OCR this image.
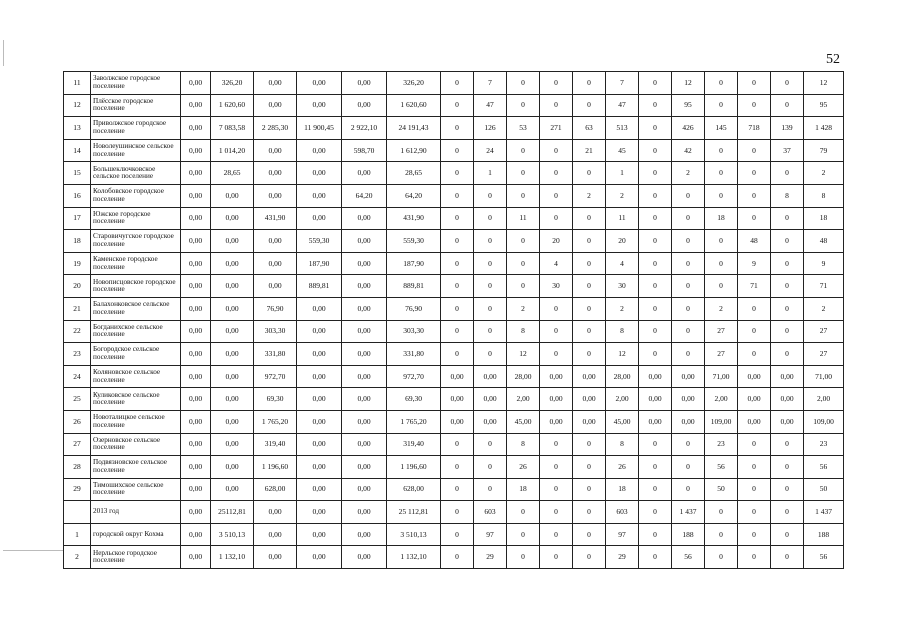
52
11	Заволжское городское поселение	0,00	326,20	0,00	0,00	0,00	326,20	0	7	0	0	0	7	0	12	0	0	0	12
12	Плёсское городское поселение	0,00	1 620,60	0,00	0,00	0,00	1 620,60	0	47	0	0	0	47	0	95	0	0	0	95
13	Приволжское городское поселение	0,00	7 083,58	2 285,30	11 900,45	2 922,10	24 191,43	0	126	53	271	63	513	0	426	145	718	139	1 428
14	Новолеушинское сельское поселение	0,00	1 014,20	0,00	0,00	598,70	1 612,90	0	24	0	0	21	45	0	42	0	0	37	79
15	Большеключковское сельское поселение	0,00	28,65	0,00	0,00	0,00	28,65	0	1	0	0	0	1	0	2	0	0	0	2
16	Колобовское городское поселение	0,00	0,00	0,00	0,00	64,20	64,20	0	0	0	0	2	2	0	0	0	0	8	8
17	Южское городское поселение	0,00	0,00	431,90	0,00	0,00	431,90	0	0	11	0	0	11	0	0	18	0	0	18
18	Старовичугское городское поселение	0,00	0,00	0,00	559,30	0,00	559,30	0	0	0	20	0	20	0	0	0	48	0	48
19	Каменское городское поселение	0,00	0,00	0,00	187,90	0,00	187,90	0	0	0	4	0	4	0	0	0	9	0	9
20	Новописцовское городское поселение	0,00	0,00	0,00	889,81	0,00	889,81	0	0	0	30	0	30	0	0	0	71	0	71
21	Балахонковское сельское поселение	0,00	0,00	76,90	0,00	0,00	76,90	0	0	2	0	0	2	0	0	2	0	0	2
22	Богданихское сельское поселение	0,00	0,00	303,30	0,00	0,00	303,30	0	0	8	0	0	8	0	0	27	0	0	27
23	Богородское сельское поселение	0,00	0,00	331,80	0,00	0,00	331,80	0	0	12	0	0	12	0	0	27	0	0	27
24	Коляновское сельское поселение	0,00	0,00	972,70	0,00	0,00	972,70	0,00	0,00	28,00	0,00	0,00	28,00	0,00	0,00	71,00	0,00	0,00	71,00
25	Куликовское сельское поселение	0,00	0,00	69,30	0,00	0,00	69,30	0,00	0,00	2,00	0,00	0,00	2,00	0,00	0,00	2,00	0,00	0,00	2,00
26	Новоталицкое сельское поселение	0,00	0,00	1 765,20	0,00	0,00	1 765,20	0,00	0,00	45,00	0,00	0,00	45,00	0,00	0,00	109,00	0,00	0,00	109,00
27	Озерновское сельское поселение	0,00	0,00	319,40	0,00	0,00	319,40	0	0	8	0	0	8	0	0	23	0	0	23
28	Подвязновское сельское поселение	0,00	0,00	1 196,60	0,00	0,00	1 196,60	0	0	26	0	0	26	0	0	56	0	0	56
29	Тимошихское сельское поселение	0,00	0,00	628,00	0,00	0,00	628,00	0	0	18	0	0	18	0	0	50	0	0	50
	2013 год	0,00	25112,81	0,00	0,00	0,00	25 112,81	0	603	0	0	0	603	0	1 437	0	0	0	1 437
1	городской округ Кохма	0,00	3 510,13	0,00	0,00	0,00	3 510,13	0	97	0	0	0	97	0	188	0	0	0	188
2	Нерльское городское поселение	0,00	1 132,10	0,00	0,00	0,00	1 132,10	0	29	0	0	0	29	0	56	0	0	0	56
